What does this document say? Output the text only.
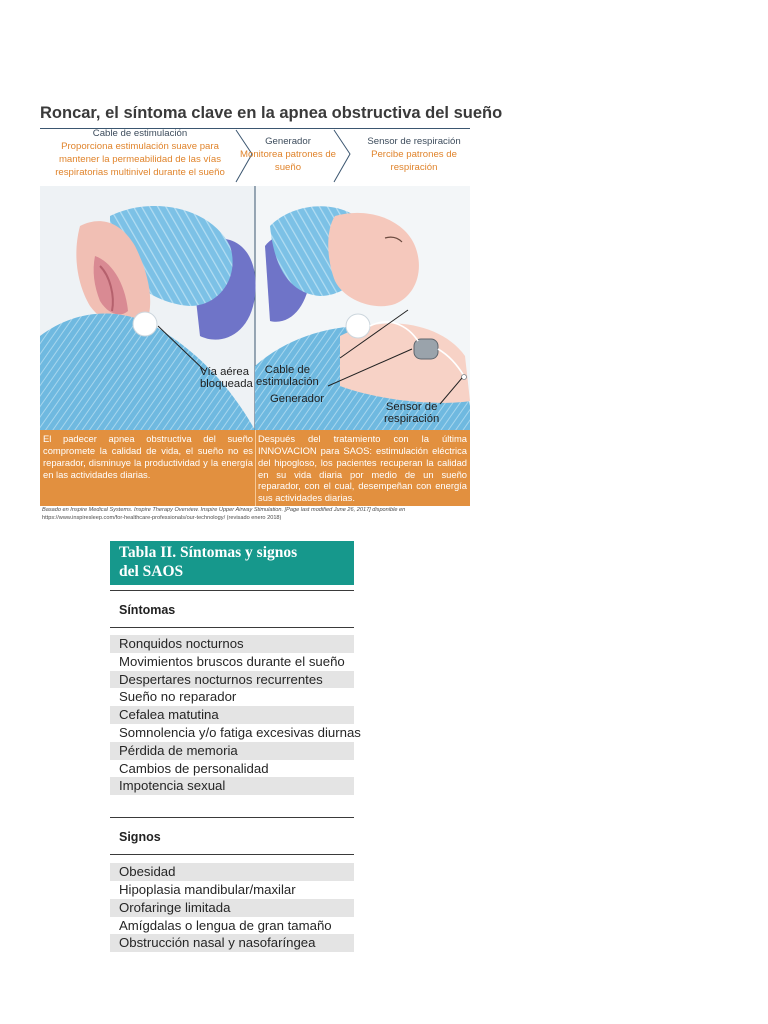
Roncar, el síntoma clave en la apnea obstructiva del sueño
Cable de estimulación
Proporciona estimulación suave para mantener la permeabilidad de las vías respiratorias multinivel durante el sueño
Generador
Monitorea patrones de sueño
Sensor de respiración
Percibe patrones de respiración
Vía aérea
bloqueada
Cable de
estimulación
Generador
Sensor de
respiración
El padecer apnea obstructiva del sueño compromete la calidad de vida, el sueño no es reparador, disminuye la productividad y la energía en las actividades diarias.
Después del tratamiento con la última INNOVACION para SAOS: estimulación eléctrica del hipogloso, los pacientes recuperan la calidad en su vida diaria por medio de un sueño reparador, con el cual, desempeñan con energía sus actividades diarias.
Basado en Inspire Medical Systems. Inspire Therapy Overview. Inspire Upper Airway Stimulation. [Page last modified June 26, 2017] disponible en
https://www.inspiresleep.com/for-healthcare-professionals/our-technology/ (revisado enero 2018)
Tabla II. Síntomas y signos
del SAOS
Síntomas
Ronquidos nocturnos
Movimientos bruscos durante el sueño
Despertares nocturnos recurrentes
Sueño no reparador
Cefalea matutina
Somnolencia y/o fatiga excesivas diurnas
Pérdida de memoria
Cambios de personalidad
Impotencia sexual
Signos
Obesidad
Hipoplasia mandibular/maxilar
Orofaringe limitada
Amígdalas o lengua de gran tamaño
Obstrucción nasal y nasofaríngea
